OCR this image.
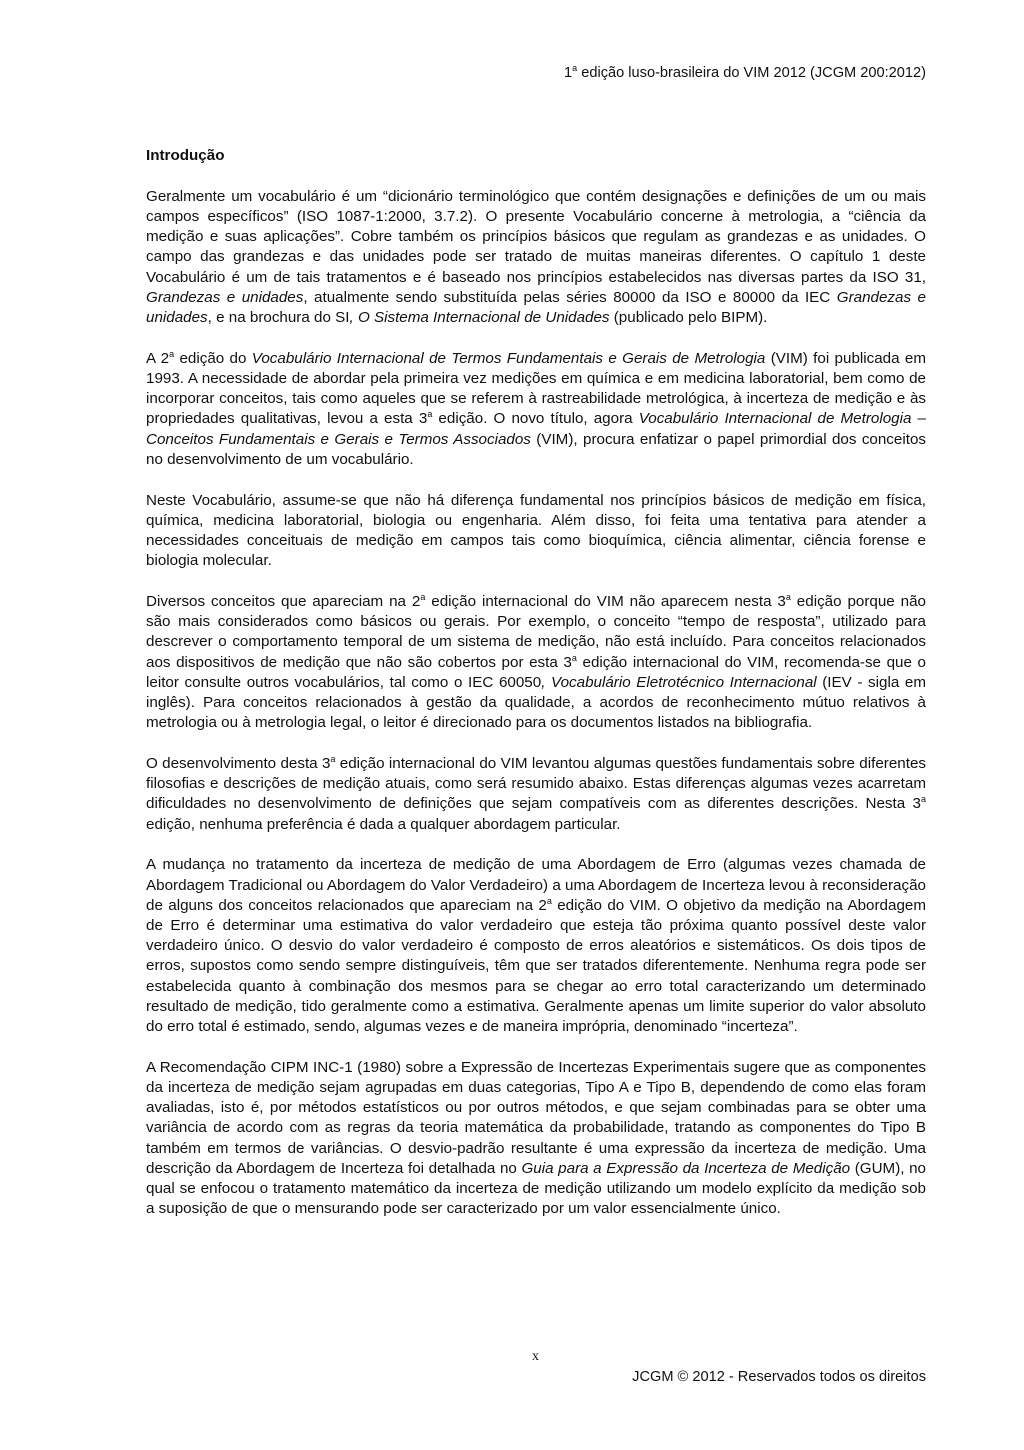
1$^a$ edição luso-brasileira do VIM 2012 (JCGM 200:2012)
Introdução

Geralmente um vocabulário é um “dicionário terminológico que contém designações e definições de um ou mais campos específicos” (ISO 1087-1:2000, 3.7.2). O presente Vocabulário concerne à metrologia, a “ciência da medição e suas aplicações”. Cobre também os princípios básicos que regulam as grandezas e as unidades. O campo das grandezas e das unidades pode ser tratado de muitas maneiras diferentes. O capítulo 1 deste Vocabulário é um de tais tratamentos e é baseado nos princípios estabelecidos nas diversas partes da ISO 31, Grandezas e unidades, atualmente sendo substituída pelas séries 80000 da ISO e 80000 da IEC Grandezas e unidades, e na brochura do SI, O Sistema Internacional de Unidades (publicado pelo BIPM).

A 2$^a$ edição do Vocabulário Internacional de Termos Fundamentais e Gerais de Metrologia (VIM) foi publicada em 1993. A necessidade de abordar pela primeira vez medições em química e em medicina laboratorial, bem como de incorporar conceitos, tais como aqueles que se referem à rastreabilidade metrológica, à incerteza de medição e às propriedades qualitativas, levou a esta 3$^a$ edição. O novo título, agora Vocabulário Internacional de Metrologia – Conceitos Fundamentais e Gerais e Termos Associados (VIM), procura enfatizar o papel primordial dos conceitos no desenvolvimento de um vocabulário.

Neste Vocabulário, assume-se que não há diferença fundamental nos princípios básicos de medição em física, química, medicina laboratorial, biologia ou engenharia. Além disso, foi feita uma tentativa para atender a necessidades conceituais de medição em campos tais como bioquímica, ciência alimentar, ciência forense e biologia molecular.

Diversos conceitos que apareciam na 2$^a$ edição internacional do VIM não aparecem nesta 3$^a$ edição porque não são mais considerados como básicos ou gerais. Por exemplo, o conceito “tempo de resposta”, utilizado para descrever o comportamento temporal de um sistema de medição, não está incluído. Para conceitos relacionados aos dispositivos de medição que não são cobertos por esta 3$^a$ edição internacional do VIM, recomenda-se que o leitor consulte outros vocabulários, tal como o IEC 60050, Vocabulário Eletrotécnico Internacional (IEV - sigla em inglês). Para conceitos relacionados à gestão da qualidade, a acordos de reconhecimento mútuo relativos à metrologia ou à metrologia legal, o leitor é direcionado para os documentos listados na bibliografia.

O desenvolvimento desta 3$^a$ edição internacional do VIM levantou algumas questões fundamentais sobre diferentes filosofias e descrições de medição atuais, como será resumido abaixo. Estas diferenças algumas vezes acarretam dificuldades no desenvolvimento de definições que sejam compatíveis com as diferentes descrições. Nesta 3$^a$ edição, nenhuma preferência é dada a qualquer abordagem particular.

A mudança no tratamento da incerteza de medição de uma Abordagem de Erro (algumas vezes chamada de Abordagem Tradicional ou Abordagem do Valor Verdadeiro) a uma Abordagem de Incerteza levou à reconsideração de alguns dos conceitos relacionados que apareciam na 2$^a$ edição do VIM. O objetivo da medição na Abordagem de Erro é determinar uma estimativa do valor verdadeiro que esteja tão próxima quanto possível deste valor verdadeiro único. O desvio do valor verdadeiro é composto de erros aleatórios e sistemáticos. Os dois tipos de erros, supostos como sendo sempre distinguíveis, têm que ser tratados diferentemente. Nenhuma regra pode ser estabelecida quanto à combinação dos mesmos para se chegar ao erro total caracterizando um determinado resultado de medição, tido geralmente como a estimativa. Geralmente apenas um limite superior do valor absoluto do erro total é estimado, sendo, algumas vezes e de maneira imprópria, denominado “incerteza”.

A Recomendação CIPM INC-1 (1980) sobre a Expressão de Incertezas Experimentais sugere que as componentes da incerteza de medição sejam agrupadas em duas categorias, Tipo A e Tipo B, dependendo de como elas foram avaliadas, isto é, por métodos estatísticos ou por outros métodos, e que sejam combinadas para se obter uma variância de acordo com as regras da teoria matemática da probabilidade, tratando as componentes do Tipo B também em termos de variâncias. O desvio-padrão resultante é uma expressão da incerteza de medição. Uma descrição da Abordagem de Incerteza foi detalhada no Guia para a Expressão da Incerteza de Medição (GUM), no qual se enfocou o tratamento matemático da incerteza de medição utilizando um modelo explícito da medição sob a suposição de que o mensurando pode ser caracterizado por um valor essencialmente único.

x
JCGM © 2012 - Reservados todos os direitos
